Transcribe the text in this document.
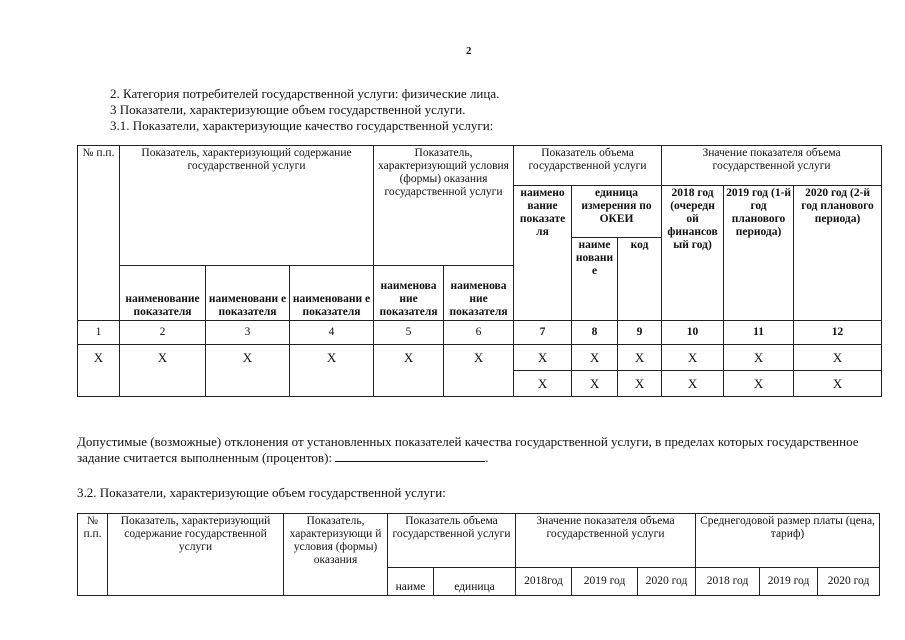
2
2. Категория потребителей государственной услуги: физические лица.
3 Показатели, характеризующие объем государственной услуги.
3.1. Показатели, характеризующие качество государственной услуги:
№ п.п.	Показатель, характеризующий содержание государственной услуги			Показатель, характеризующий условия (формы) оказания государственной услуги		Показатель объема государственной услуги			Значение показателя объема государственной услуги		
						наимено вание показате ля	единица измерения по ОКЕИ		2018 год (очередн ой финансов ый год)	2019 год (1-й год планового периода)	2020 год (2-й год планового периода)
							наиме новани е	код			
	наименование показателя	наименовани е показателя	наименовани е показателя	наименова ние показателя	наименова ние показателя						
1	2	3	4	5	6	7	8	9	10	11	12
X	X	X	X	X	X	X	X	X	X	X	X
						X	X	X	X	X	X
Допустимые (возможные) отклонения от установленных показателей качества государственной услуги, в пределах которых государственное задание считается выполненным (процентов):	.
3.2. Показатели, характеризующие объем государственной услуги:
№ п.п.	Показатель, характеризующий содержание государственной услуги	Показатель, характеризующи й условия (формы) оказания	Показатель объема государственной услуги		Значение показателя объема государственной услуги			Среднегодовой размер платы (цена, тариф)		
			наиме	единица	2018год	2019 год	2020 год	2018 год	2019 год	2020 год
